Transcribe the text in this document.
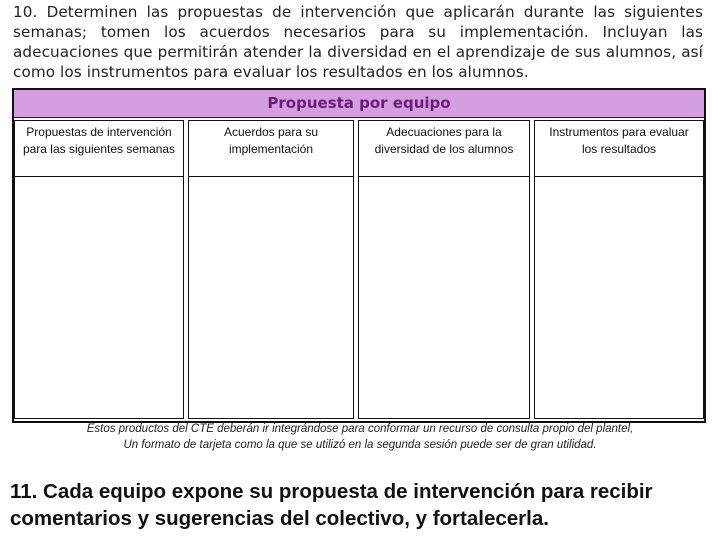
10. Determinen las propuestas de intervención que aplicarán durante las siguientes semanas; tomen los acuerdos necesarios para su implementación. Incluyan las adecuaciones que permitirán atender la diversidad en el aprendizaje de sus alumnos, así como los instrumentos para evaluar los resultados en los alumnos.
Propuesta por equipo
Propuestas de intervención para las siguientes semanas
Acuerdos para su implementación
Adecuaciones para la diversidad de los alumnos
Instrumentos para evaluar los resultados
Estos productos del CTE deberán ir integrándose para conformar un recurso de consulta propio del plantel,
Un formato de tarjeta como la que se utilizó en la segunda sesión puede ser de gran utilidad.
11. Cada equipo expone su propuesta de intervención para recibir comentarios y sugerencias del colectivo, y fortalecerla.
